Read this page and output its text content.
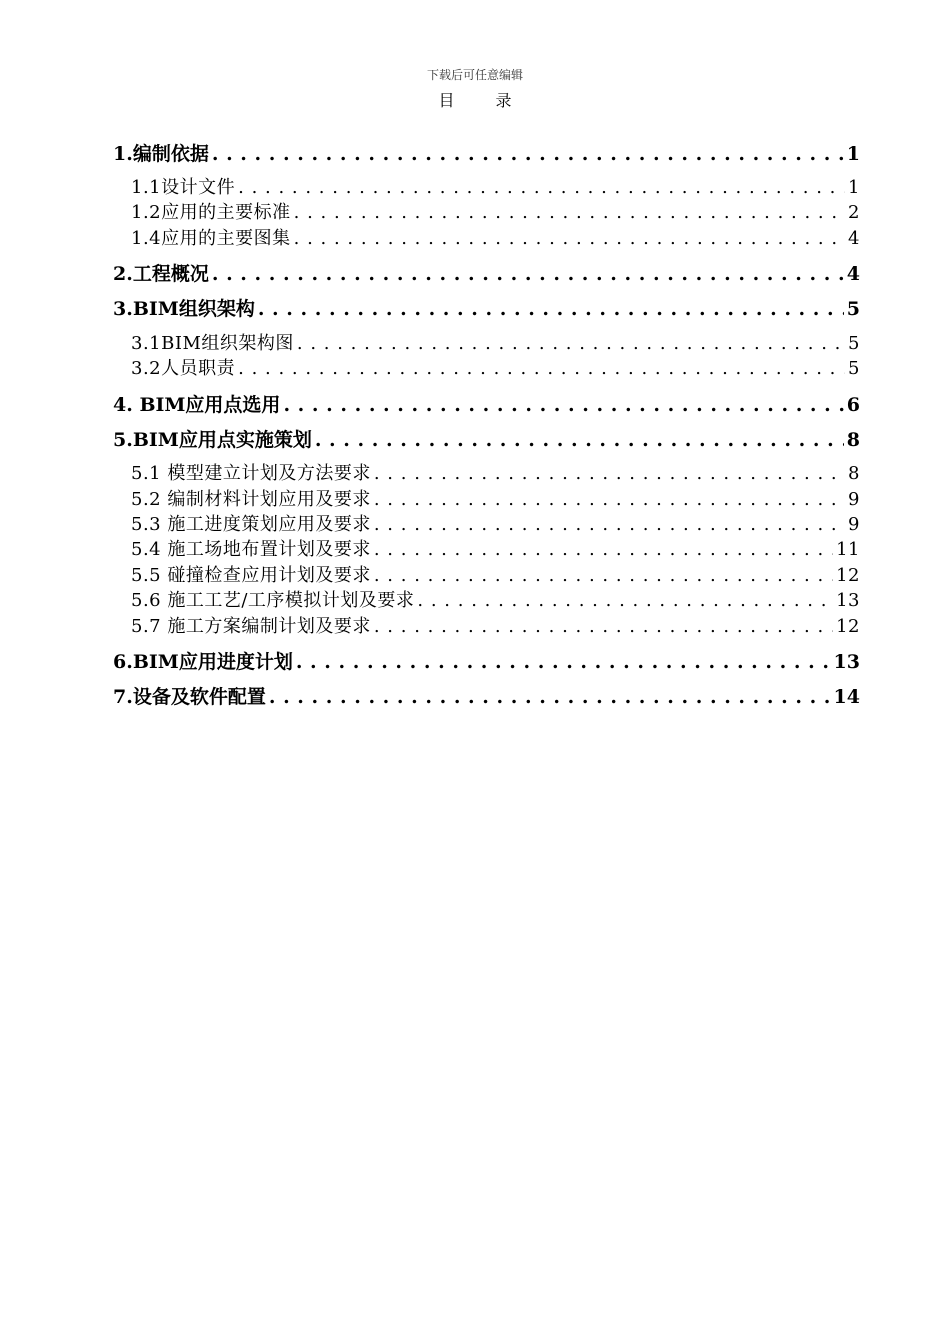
下载后可任意编辑
目 录
1.编制依据 . . .	1
1.1设计文件 . . .	1
1.2应用的主要标准 . . .	2
1.4应用的主要图集 . . .	4
2.工程概况 . . .	4
3.BIM组织架构 . . .	5
3.1BIM组织架构图 . . .	5
3.2人员职责 . . .	5
4. BIM应用点选用 . . .	6
5.BIM应用点实施策划 . . .	8
5.1 模型建立计划及方法要求 . . .	8
5.2 编制材料计划应用及要求 . . .	9
5.3 施工进度策划应用及要求 . . .	9
5.4 施工场地布置计划及要求 . . .	11
5.5 碰撞检查应用计划及要求 . . .	12
5.6 施工工艺/工序模拟计划及要求 . . .	13
5.7 施工方案编制计划及要求 . . .	12
6.BIM应用进度计划 . . .	13
7.设备及软件配置 . . .	14
